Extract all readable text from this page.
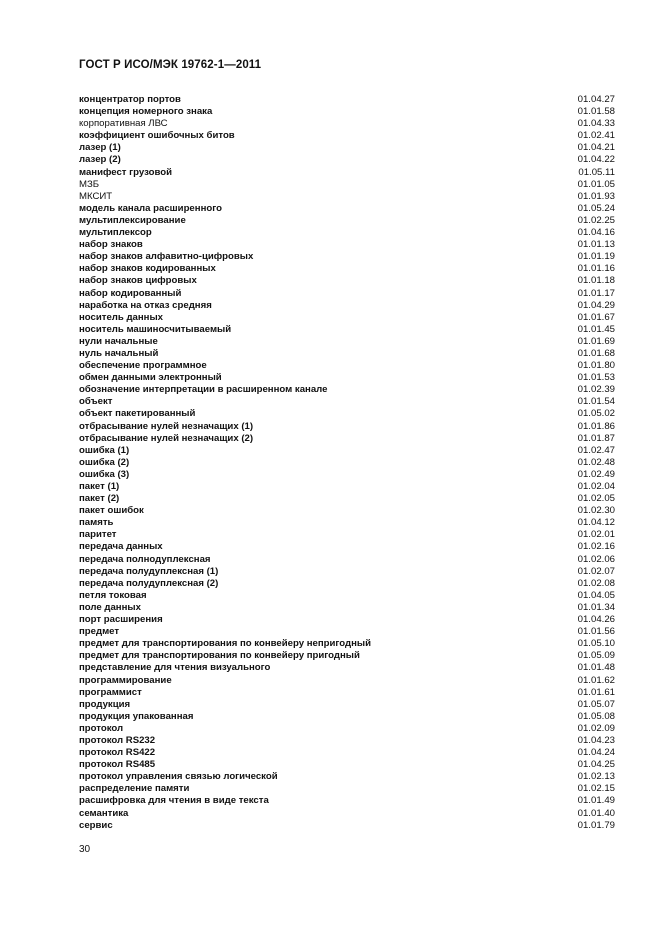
ГОСТ Р ИСО/МЭК 19762-1—2011
концентратор портов	01.04.27
концепция номерного знака	01.01.58
корпоративная ЛВС	01.04.33
коэффициент ошибочных битов	01.02.41
лазер (1)	01.04.21
лазер (2)	01.04.22
манифест грузовой	01.05.11
МЗБ	01.01.05
МКСИТ	01.01.93
модель канала расширенного	01.05.24
мультиплексирование	01.02.25
мультиплексор	01.04.16
набор знаков	01.01.13
набор знаков алфавитно-цифровых	01.01.19
набор знаков кодированных	01.01.16
набор знаков цифровых	01.01.18
набор кодированный	01.01.17
наработка на отказ средняя	01.04.29
носитель данных	01.01.67
носитель машиносчитываемый	01.01.45
нули начальные	01.01.69
нуль начальный	01.01.68
обеспечение программное	01.01.80
обмен данными электронный	01.01.53
обозначение интерпретации в расширенном канале	01.02.39
объект	01.01.54
объект пакетированный	01.05.02
отбрасывание нулей незначащих (1)	01.01.86
отбрасывание нулей незначащих (2)	01.01.87
ошибка (1)	01.02.47
ошибка (2)	01.02.48
ошибка (3)	01.02.49
пакет (1)	01.02.04
пакет (2)	01.02.05
пакет ошибок	01.02.30
память	01.04.12
паритет	01.02.01
передача данных	01.02.16
передача полнодуплексная	01.02.06
передача полудуплексная (1)	01.02.07
передача полудуплексная (2)	01.02.08
петля токовая	01.04.05
поле данных	01.01.34
порт расширения	01.04.26
предмет	01.01.56
предмет для транспортирования по конвейеру непригодный	01.05.10
предмет для транспортирования по конвейеру пригодный	01.05.09
представление для чтения визуального	01.01.48
программирование	01.01.62
программист	01.01.61
продукция	01.05.07
продукция упакованная	01.05.08
протокол	01.02.09
протокол RS232	01.04.23
протокол RS422	01.04.24
протокол RS485	01.04.25
протокол управления связью логической	01.02.13
распределение памяти	01.02.15
расшифровка для чтения в виде текста	01.01.49
семантика	01.01.40
сервис	01.01.79
30
